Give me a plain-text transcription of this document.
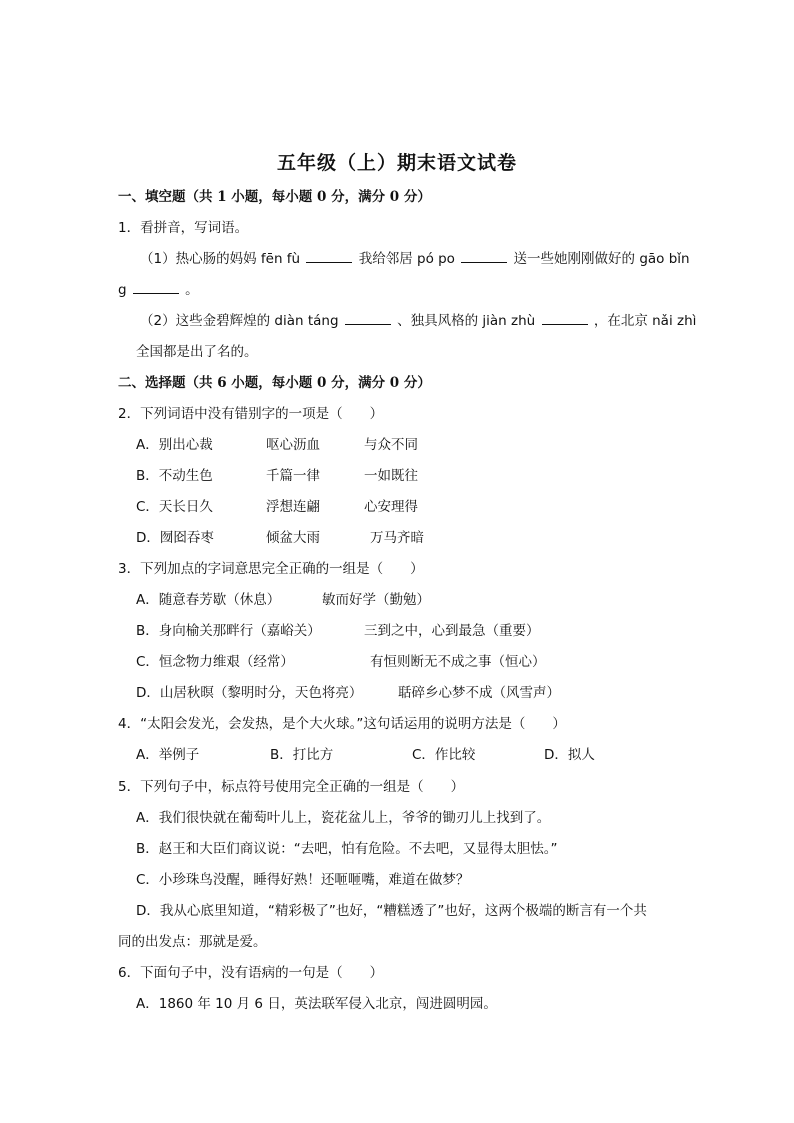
五年级（上）期末语文试卷
一、填空题（共 1 小题，每小题 0 分，满分 0 分）
1．看拼音，写词语。
（1）热心肠的妈妈 fēn fù	我给邻居 pó po	送一些她刚刚做好的 gāo bǐn
g	。
（2）这些金碧辉煌的 diàn táng	、独具风格的 jiàn zhù	，在北京 nǎi zhì
全国都是出了名的。
二、选择题（共 6 小题，每小题 0 分，满分 0 分）
2．下列词语中没有错别字的一项是（　　）
A．别出心裁	呕心沥血	与众不同
B．不动生色	千篇一律	一如既往
C．天长日久	浮想连翩	心安理得
D．囫囵吞枣	倾盆大雨	万马齐暗
3．下列加点的字词意思完全正确的一组是（　　）
A．随意春芳歇（休息）	敏而好学（勤勉）
B．身向榆关那畔行（嘉峪关）	三到之中，心到最急（重要）
C．恒念物力维艰（经常）	有恒则断无不成之事（恒心）
D．山居秋暝（黎明时分，天色将亮）	聒碎乡心梦不成（风雪声）
4．“太阳会发光，会发热，是个大火球。”这句话运用的说明方法是（　　）
A．举例子	B．打比方	C．作比较	D．拟人
5．下列句子中，标点符号使用完全正确的一组是（　　）
A．我们很快就在葡萄叶儿上，瓷花盆儿上，爷爷的锄刃儿上找到了。
B．赵王和大臣们商议说：“去吧，怕有危险。不去吧，又显得太胆怯。”
C．小珍珠鸟没醒，睡得好熟！还咂咂嘴，难道在做梦？
D．我从心底里知道，“精彩极了”也好，“糟糕透了”也好，这两个极端的断言有一个共
同的出发点：那就是爱。
6．下面句子中，没有语病的一句是（　　）
A．1860 年 10 月 6 日，英法联军侵入北京，闯进圆明园。
